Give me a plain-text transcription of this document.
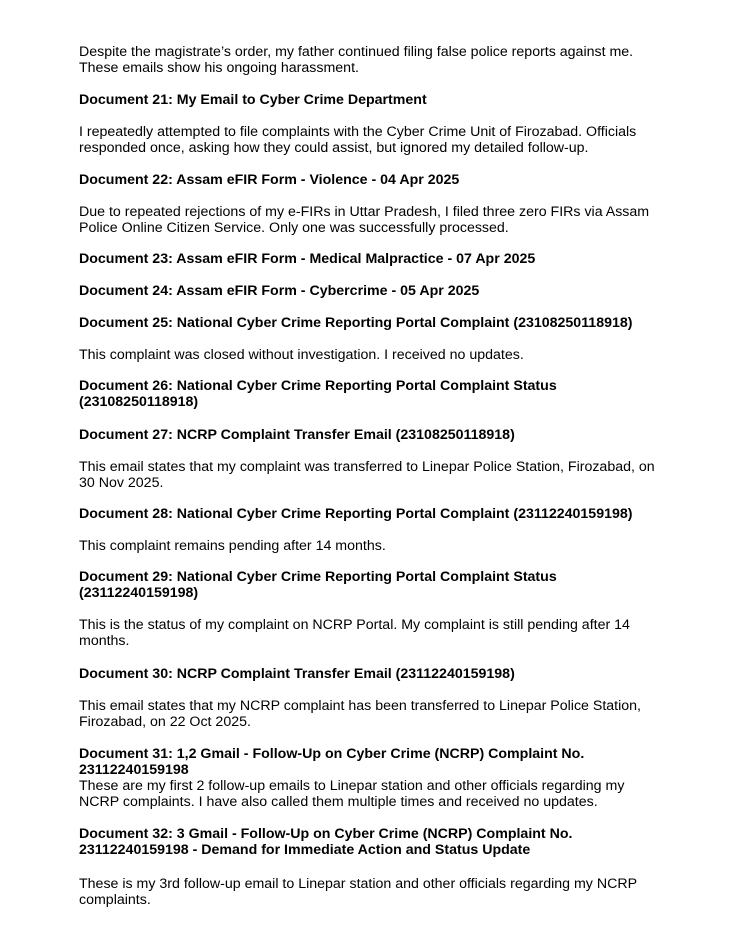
Despite the magistrate’s order, my father continued filing false police reports against me. These emails show his ongoing harassment.

Document 21: My Email to Cyber Crime Department

I repeatedly attempted to file complaints with the Cyber Crime Unit of Firozabad. Officials responded once, asking how they could assist, but ignored my detailed follow-up.

Document 22: Assam eFIR Form - Violence - 04 Apr 2025

Due to repeated rejections of my e-FIRs in Uttar Pradesh, I filed three zero FIRs via Assam Police Online Citizen Service. Only one was successfully processed.

Document 23: Assam eFIR Form - Medical Malpractice - 07 Apr 2025

Document 24: Assam eFIR Form - Cybercrime - 05 Apr 2025

Document 25: National Cyber Crime Reporting Portal Complaint (23108250118918)

This complaint was closed without investigation. I received no updates.

Document 26: National Cyber Crime Reporting Portal Complaint Status (23108250118918)

Document 27: NCRP Complaint Transfer Email (23108250118918)

This email states that my complaint was transferred to Linepar Police Station, Firozabad, on 30 Nov 2025.

Document 28: National Cyber Crime Reporting Portal Complaint (23112240159198)

This complaint remains pending after 14 months.

Document 29: National Cyber Crime Reporting Portal Complaint Status (23112240159198)

This is the status of my complaint on NCRP Portal. My complaint is still pending after 14 months.

Document 30: NCRP Complaint Transfer Email (23112240159198)

This email states that my NCRP complaint has been transferred to Linepar Police Station, Firozabad, on 22 Oct 2025.

Document 31: 1,2 Gmail - Follow-Up on Cyber Crime (NCRP) Complaint No. 23112240159198

These are my first 2 follow-up emails to Linepar station and other officials regarding my NCRP complaints. I have also called them multiple times and received no updates.

Document 32: 3 Gmail - Follow-Up on Cyber Crime (NCRP) Complaint No. 23112240159198 - Demand for Immediate Action and Status Update

These is my 3rd follow-up email to Linepar station and other officials regarding my NCRP complaints.
